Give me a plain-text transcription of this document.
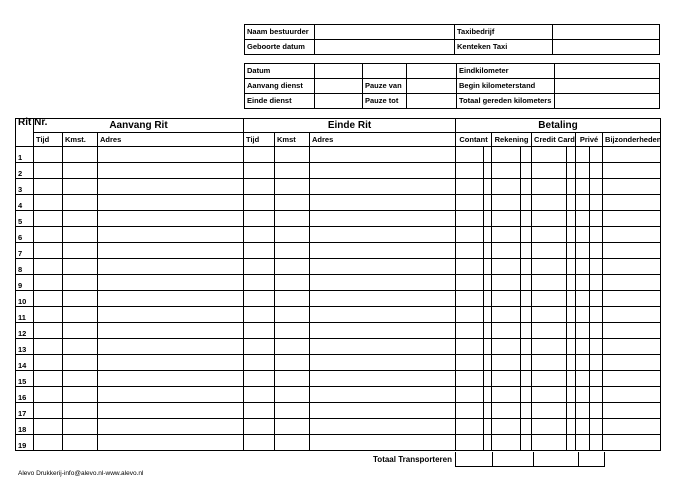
Naam bestuurder		Taxibedrijf	
Geboorte datum		Kenteken Taxi	
Datum				Eindkilometer	
Aanvang dienst		Pauze van		Begin kilometerstand	
Einde dienst		Pauze tot		Totaal gereden kilometers	
Rit Nr.	Aanvang Rit			Einde Rit			Betaling				
	Tijd	Kmst.	Adres	Tijd	Kmst	Adres	Contant	Rekening	Credit Card	Privé	Bijzonderheden
1							

2							

3							

4							

5							

6							

7							

8							

9							

10							

11							

12							

13							

14							

15							

16							

17							

18							

19							

Totaal Transporteren
Alevo Drukkerij-info@alevo.nl-www.alevo.nl
